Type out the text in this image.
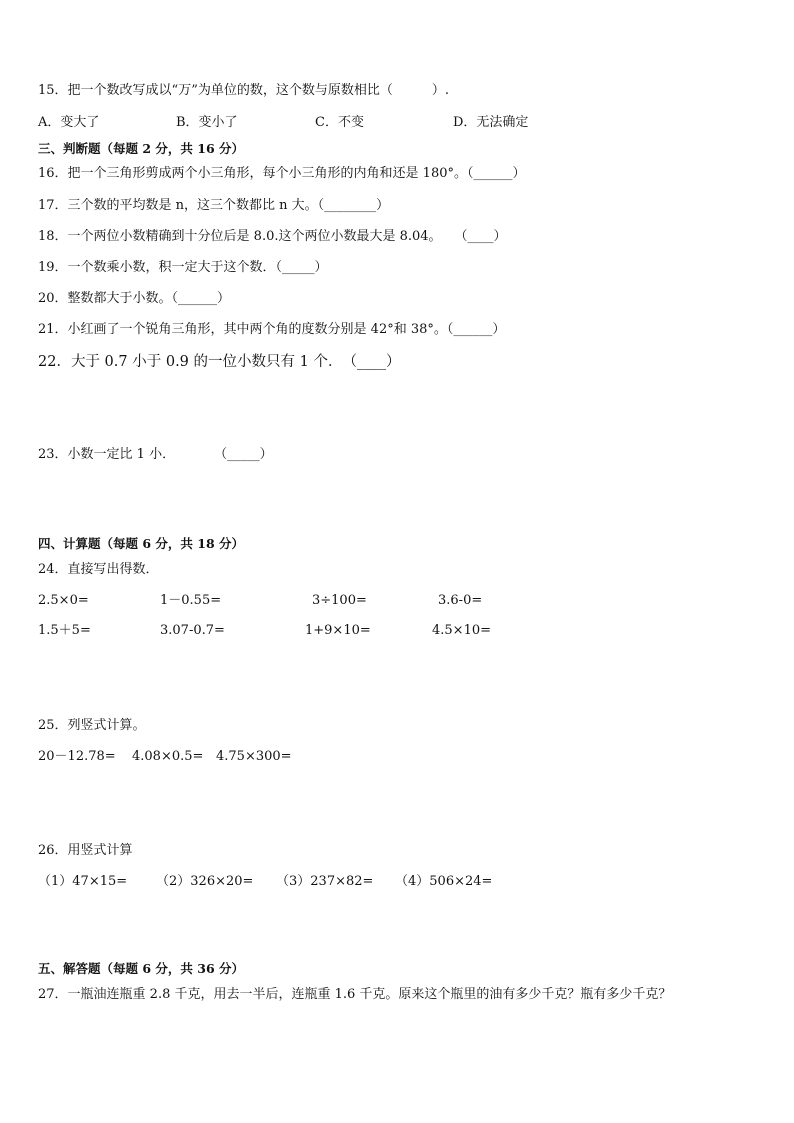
15．把一个数改写成以“万”为单位的数，这个数与原数相比（　　　）.
A．变大了	B．变小了	C．不变	D．无法确定
三、判断题（每题 2 分，共 16 分）
16．把一个三角形剪成两个小三角形，每个小三角形的内角和还是 180°。（______）
17．三个数的平均数是 n，这三个数都比 n 大。（________）
18．一个两位小数精确到十分位后是 8.0.这个两位小数最大是 8.04。　　（____）
19．一个数乘小数，积一定大于这个数．（_____）
20．整数都大于小数。（______）
21．小红画了一个锐角三角形，其中两个角的度数分别是 42°和 38°。（______）
22．大于 0.7 小于 0.9 的一位小数只有 1 个．　（____）
23．小数一定比 1 小．　　　　（_____）
四、计算题（每题 6 分，共 18 分）
24．直接写出得数．
2.5×0=	1－0.55=	3÷100=	3.6-0=
1.5＋5=	3.07-0.7=	1+9×10=	4.5×10=
25．列竖式计算。
20－12.78= 4.08×0.5= 4.75×300=
26．用竖式计算
（1）47×15= （2）326×20= （3）237×82= （4）506×24=
五、解答题（每题 6 分，共 36 分）
27．一瓶油连瓶重 2.8 千克，用去一半后，连瓶重 1.6 千克。原来这个瓶里的油有多少千克？瓶有多少千克？
